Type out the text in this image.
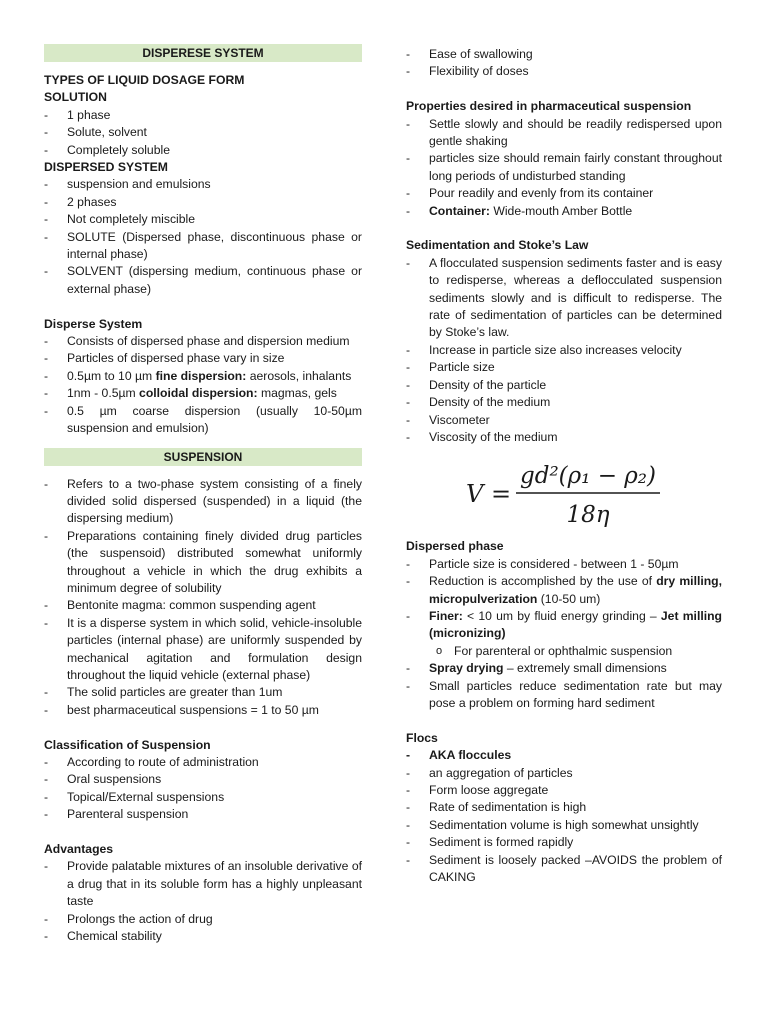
DISPERESE SYSTEM

TYPES OF LIQUID DOSAGE FORM

SOLUTION

- 1 phase
- Solute, solvent
- Completely soluble

DISPERSED SYSTEM

- suspension and emulsions
- 2 phases
- Not completely miscible
- SOLUTE (Dispersed phase, discontinuous phase or internal phase)
- SOLVENT (dispersing medium, continuous phase or external phase)

Disperse System

- Consists of dispersed phase and dispersion medium
- Particles of dispersed phase vary in size
- 0.5µm to 10 µm fine dispersion: aerosols, inhalants
- 1nm - 0.5µm colloidal dispersion: magmas, gels
- 0.5 µm coarse dispersion (usually 10-50µm suspension and emulsion)
SUSPENSION
- Refers to a two-phase system consisting of a finely divided solid dispersed (suspended) in a liquid (the dispersing medium)
- Preparations containing finely divided drug particles (the suspensoid) distributed somewhat uniformly throughout a vehicle in which the drug exhibits a minimum degree of solubility
- Bentonite magma: common suspending agent
- It is a disperse system in which solid, vehicle-insoluble particles (internal phase) are uniformly suspended by mechanical agitation and formulation design throughout the liquid vehicle (external phase)
- The solid particles are greater than 1um
- best pharmaceutical suspensions = 1 to 50 µm

Classification of Suspension

- According to route of administration
- Oral suspensions
- Topical/External suspensions
- Parenteral suspension

Advantages

- Provide palatable mixtures of an insoluble derivative of a drug that in its soluble form has a highly unpleasant taste
- Prolongs the action of drug
- Chemical stability
- Ease of swallowing
- Flexibility of doses

Properties desired in pharmaceutical suspension

- Settle slowly and should be readily redispersed upon gentle shaking
- particles size should remain fairly constant throughout long periods of undisturbed standing
- Pour readily and evenly from its container
- Container: Wide-mouth Amber Bottle

Sedimentation and Stoke’s Law

- A flocculated suspension sediments faster and is easy to redisperse, whereas a deflocculated suspension sediments slowly and is difficult to redisperse. The rate of sedimentation of particles can be determined by Stoke’s law.
- Increase in particle size also increases velocity
- Particle size
- Density of the particle
- Density of the medium
- Viscometer
- Viscosity of the medium
V =
gd²(ρ₁ − ρ₂)
18η

Dispersed phase

- Particle size is considered - between 1 - 50µm
- Reduction is accomplished by the use of dry milling, micropulverization (10-50 um)
- Finer: < 10 um by fluid energy grinding – Jet milling (micronizing)
o For parenteral or ophthalmic suspension
- Spray drying – extremely small dimensions
- Small particles reduce sedimentation rate but may pose a problem on forming hard sediment

Flocs

- AKA floccules
- an aggregation of particles
- Form loose aggregate
- Rate of sedimentation is high
- Sedimentation volume is high somewhat unsightly
- Sediment is formed rapidly
- Sediment is loosely packed –AVOIDS the problem of CAKING
